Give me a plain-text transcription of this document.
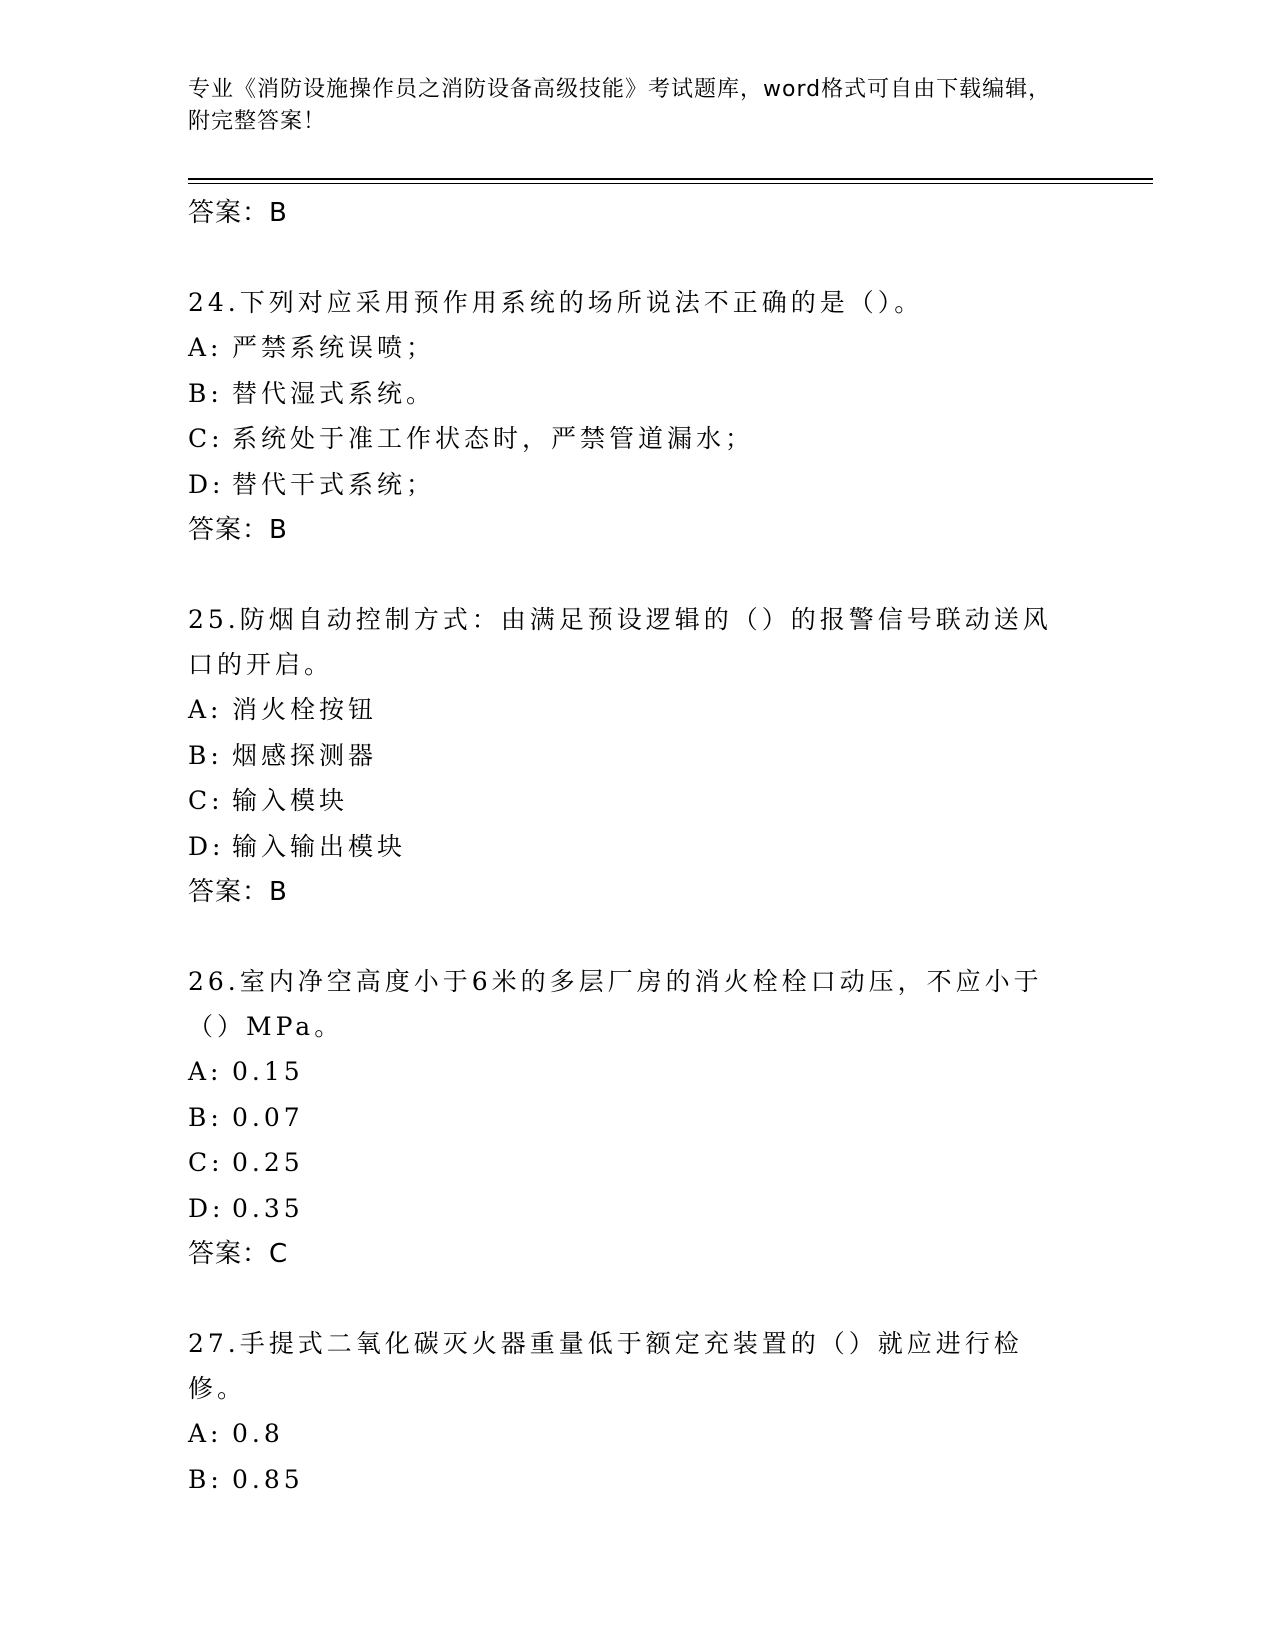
专业《消防设施操作员之消防设备高级技能》考试题库，word格式可自由下载编辑，附完整答案！
答案：B
24.下列对应采用预作用系统的场所说法不正确的是（）。
A: 严禁系统误喷；
B: 替代湿式系统。
C: 系统处于准工作状态时，严禁管道漏水；
D: 替代干式系统；
答案：B
25.防烟自动控制方式：由满足预设逻辑的（）的报警信号联动送风口的开启。
A: 消火栓按钮
B: 烟感探测器
C: 输入模块
D: 输入输出模块
答案：B
26.室内净空高度小于6米的多层厂房的消火栓栓口动压，不应小于（）MPa。
A: 0.15
B: 0.07
C: 0.25
D: 0.35
答案：C
27.手提式二氧化碳灭火器重量低于额定充装置的（）就应进行检修。
A: 0.8
B: 0.85
